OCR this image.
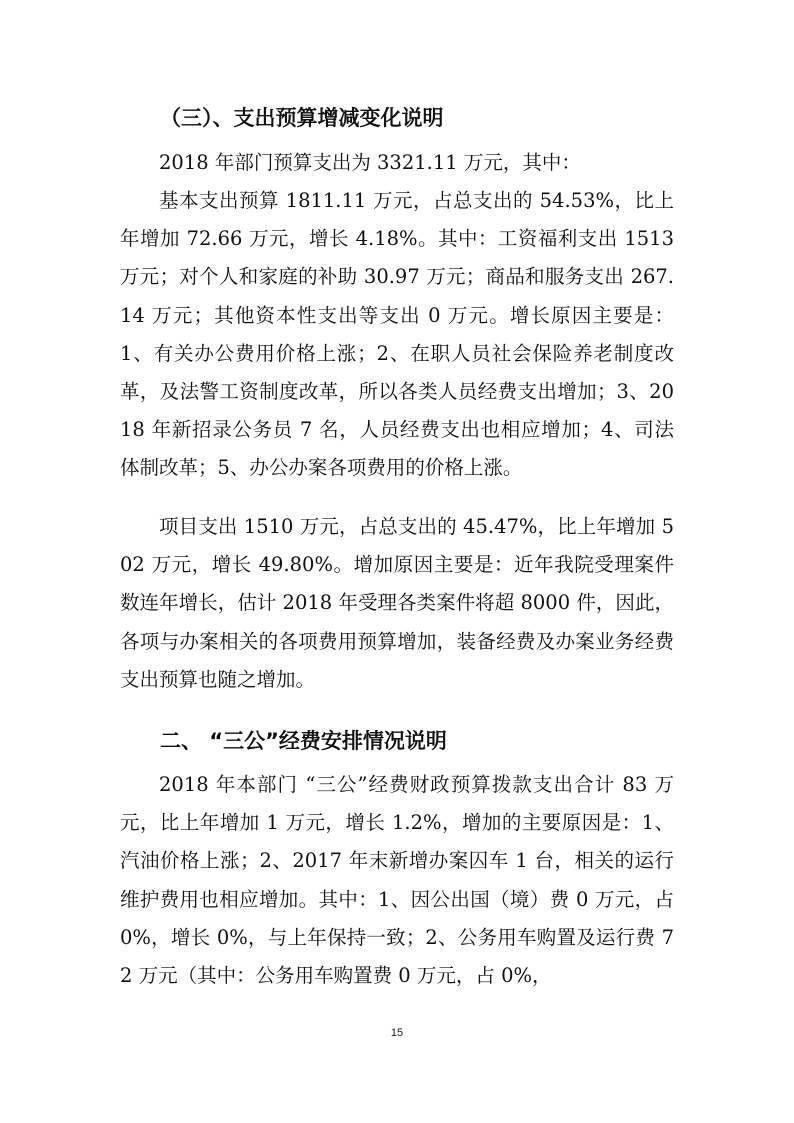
（三）、支出预算增减变化说明

2018 年部门预算支出为 3321.11 万元，其中：

基本支出预算 1811.11 万元，占总支出的 54.53%，比上年增加 72.66 万元，增长 4.18%。其中：工资福利支出 1513 万元；对个人和家庭的补助 30.97 万元；商品和服务支出 267.14 万元；其他资本性支出等支出 0 万元。增长原因主要是：1、有关办公费用价格上涨；2、在职人员社会保险养老制度改革，及法警工资制度改革，所以各类人员经费支出增加；3、2018 年新招录公务员 7 名，人员经费支出也相应增加；4、司法体制改革；5、办公办案各项费用的价格上涨。

项目支出 1510 万元，占总支出的 45.47%，比上年增加 502 万元，增长 49.80%。增加原因主要是：近年我院受理案件数连年增长，估计 2018 年受理各类案件将超 8000 件，因此，各项与办案相关的各项费用预算增加，装备经费及办案业务经费支出预算也随之增加。

二、 “三公”经费安排情况说明

2018 年本部门 “三公”经费财政预算拨款支出合计 83 万元，比上年增加 1 万元，增长 1.2%，增加的主要原因是：1、汽油价格上涨；2、2017 年末新增办案囚车 1 台，相关的运行维护费用也相应增加。其中：1、因公出国（境）费 0 万元，占 0%，增长 0%，与上年保持一致；2、公务用车购置及运行费 72 万元（其中：公务用车购置费 0 万元，占 0%，

15
